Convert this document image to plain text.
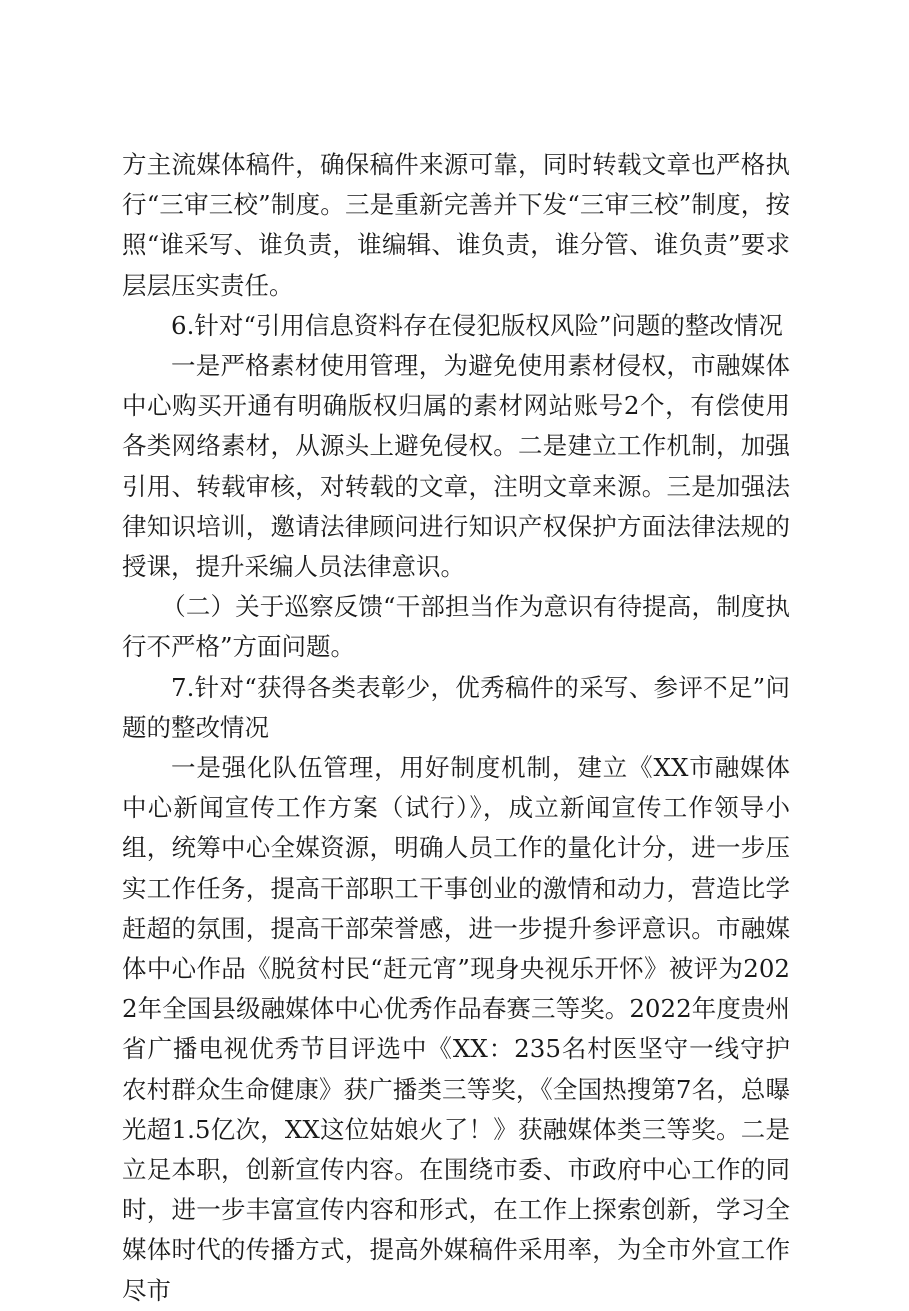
方主流媒体稿件，确保稿件来源可靠，同时转载文章也严格执行“三审三校”制度。三是重新完善并下发“三审三校”制度，按照“谁采写、谁负责，谁编辑、谁负责，谁分管、谁负责”要求层层压实责任。

6.针对“引用信息资料存在侵犯版权风险”问题的整改情况

一是严格素材使用管理，为避免使用素材侵权，市融媒体中心购买开通有明确版权归属的素材网站账号2个，有偿使用各类网络素材，从源头上避免侵权。二是建立工作机制，加强引用、转载审核，对转载的文章，注明文章来源。三是加强法律知识培训，邀请法律顾问进行知识产权保护方面法律法规的授课，提升采编人员法律意识。

（二）关于巡察反馈“干部担当作为意识有待提高，制度执行不严格”方面问题。

7.针对“获得各类表彰少，优秀稿件的采写、参评不足”问题的整改情况

一是强化队伍管理，用好制度机制，建立《XX市融媒体中心新闻宣传工作方案（试行）》，成立新闻宣传工作领导小组，统筹中心全媒资源，明确人员工作的量化计分，进一步压实工作任务，提高干部职工干事创业的激情和动力，营造比学赶超的氛围，提高干部荣誉感，进一步提升参评意识。市融媒体中心作品《脱贫村民“赶元宵”现身央视乐开怀》被评为2022年全国县级融媒体中心优秀作品春赛三等奖。2022年度贵州省广播电视优秀节目评选中《XX：235名村医坚守一线守护农村群众生命健康》获广播类三等奖，《全国热搜第7名，总曝光超1.5亿次，XX这位姑娘火了！》获融媒体类三等奖。二是立足本职，创新宣传内容。在围绕市委、市政府中心工作的同时，进一步丰富宣传内容和形式，在工作上探索创新，学习全媒体时代的传播方式，提高外媒稿件采用率，为全市外宣工作尽市
